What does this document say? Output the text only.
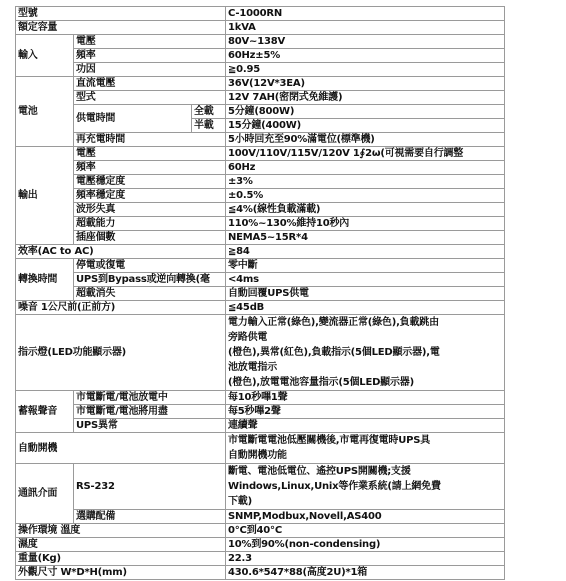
型號			C-1000RN
額定容量			1kVA
輸入	電壓		80V~138V
	頻率		60Hz±5%
	功因		≧0.95
電池	直流電壓		36V(12V*3EA)
	型式		12V 7AH(密閉式免維護)
	供電時間	全載	5分鐘(800W)
		半載	15分鐘(400W)
	再充電時間		5小時回充至90%滿電位(標準機)
輸出	電壓		100V/110V/115V/120V 1∮2ω(可視需要自行調整
	頻率		60Hz
	電壓穩定度		±3%
	頻率穩定度		±0.5%
	波形失真		≦4%(線性負載滿載)
	超載能力		110%~130%維持10秒內
	插座個數		NEMA5~15R*4
效率(AC to AC)			≧84
轉換時間	停電或復電		零中斷
	UPS到Bypass或逆向轉換(毫		<4ms
	超載消失		自動回覆UPS供電
噪音 1公尺前(正前方)			≦45dB
指示燈(LED功能顯示器)			電力輸入正常(綠色),變流器正常(綠色),負載跳由
旁路供電
(橙色),異常(紅色),負載指示(5個LED顯示器),電
池放電指示
(橙色),放電電池容量指示(5個LED顯示器)

蓄報聲音	市電斷電/電池放電中		每10秒嗶1聲
	市電斷電/電池將用盡		每5秒嗶2聲
	UPS異常		連續聲
自動開機			市電斷電電池低壓關機後,市電再復電時UPS具
自動開機功能

通訊介面	RS-232		斷電、電池低電位、遙控UPS開關機;支援
Windows,Linux,Unix等作業系統(請上網免費
下載)

	選購配備		SNMP,Modbux,Novell,AS400
操作環境 溫度			0°C到40°C
濕度			10%到90%(non-condensing)
重量(Kg)			22.3
外觀尺寸 W*D*H(mm)			430.6*547*88(高度2U)*1箱
